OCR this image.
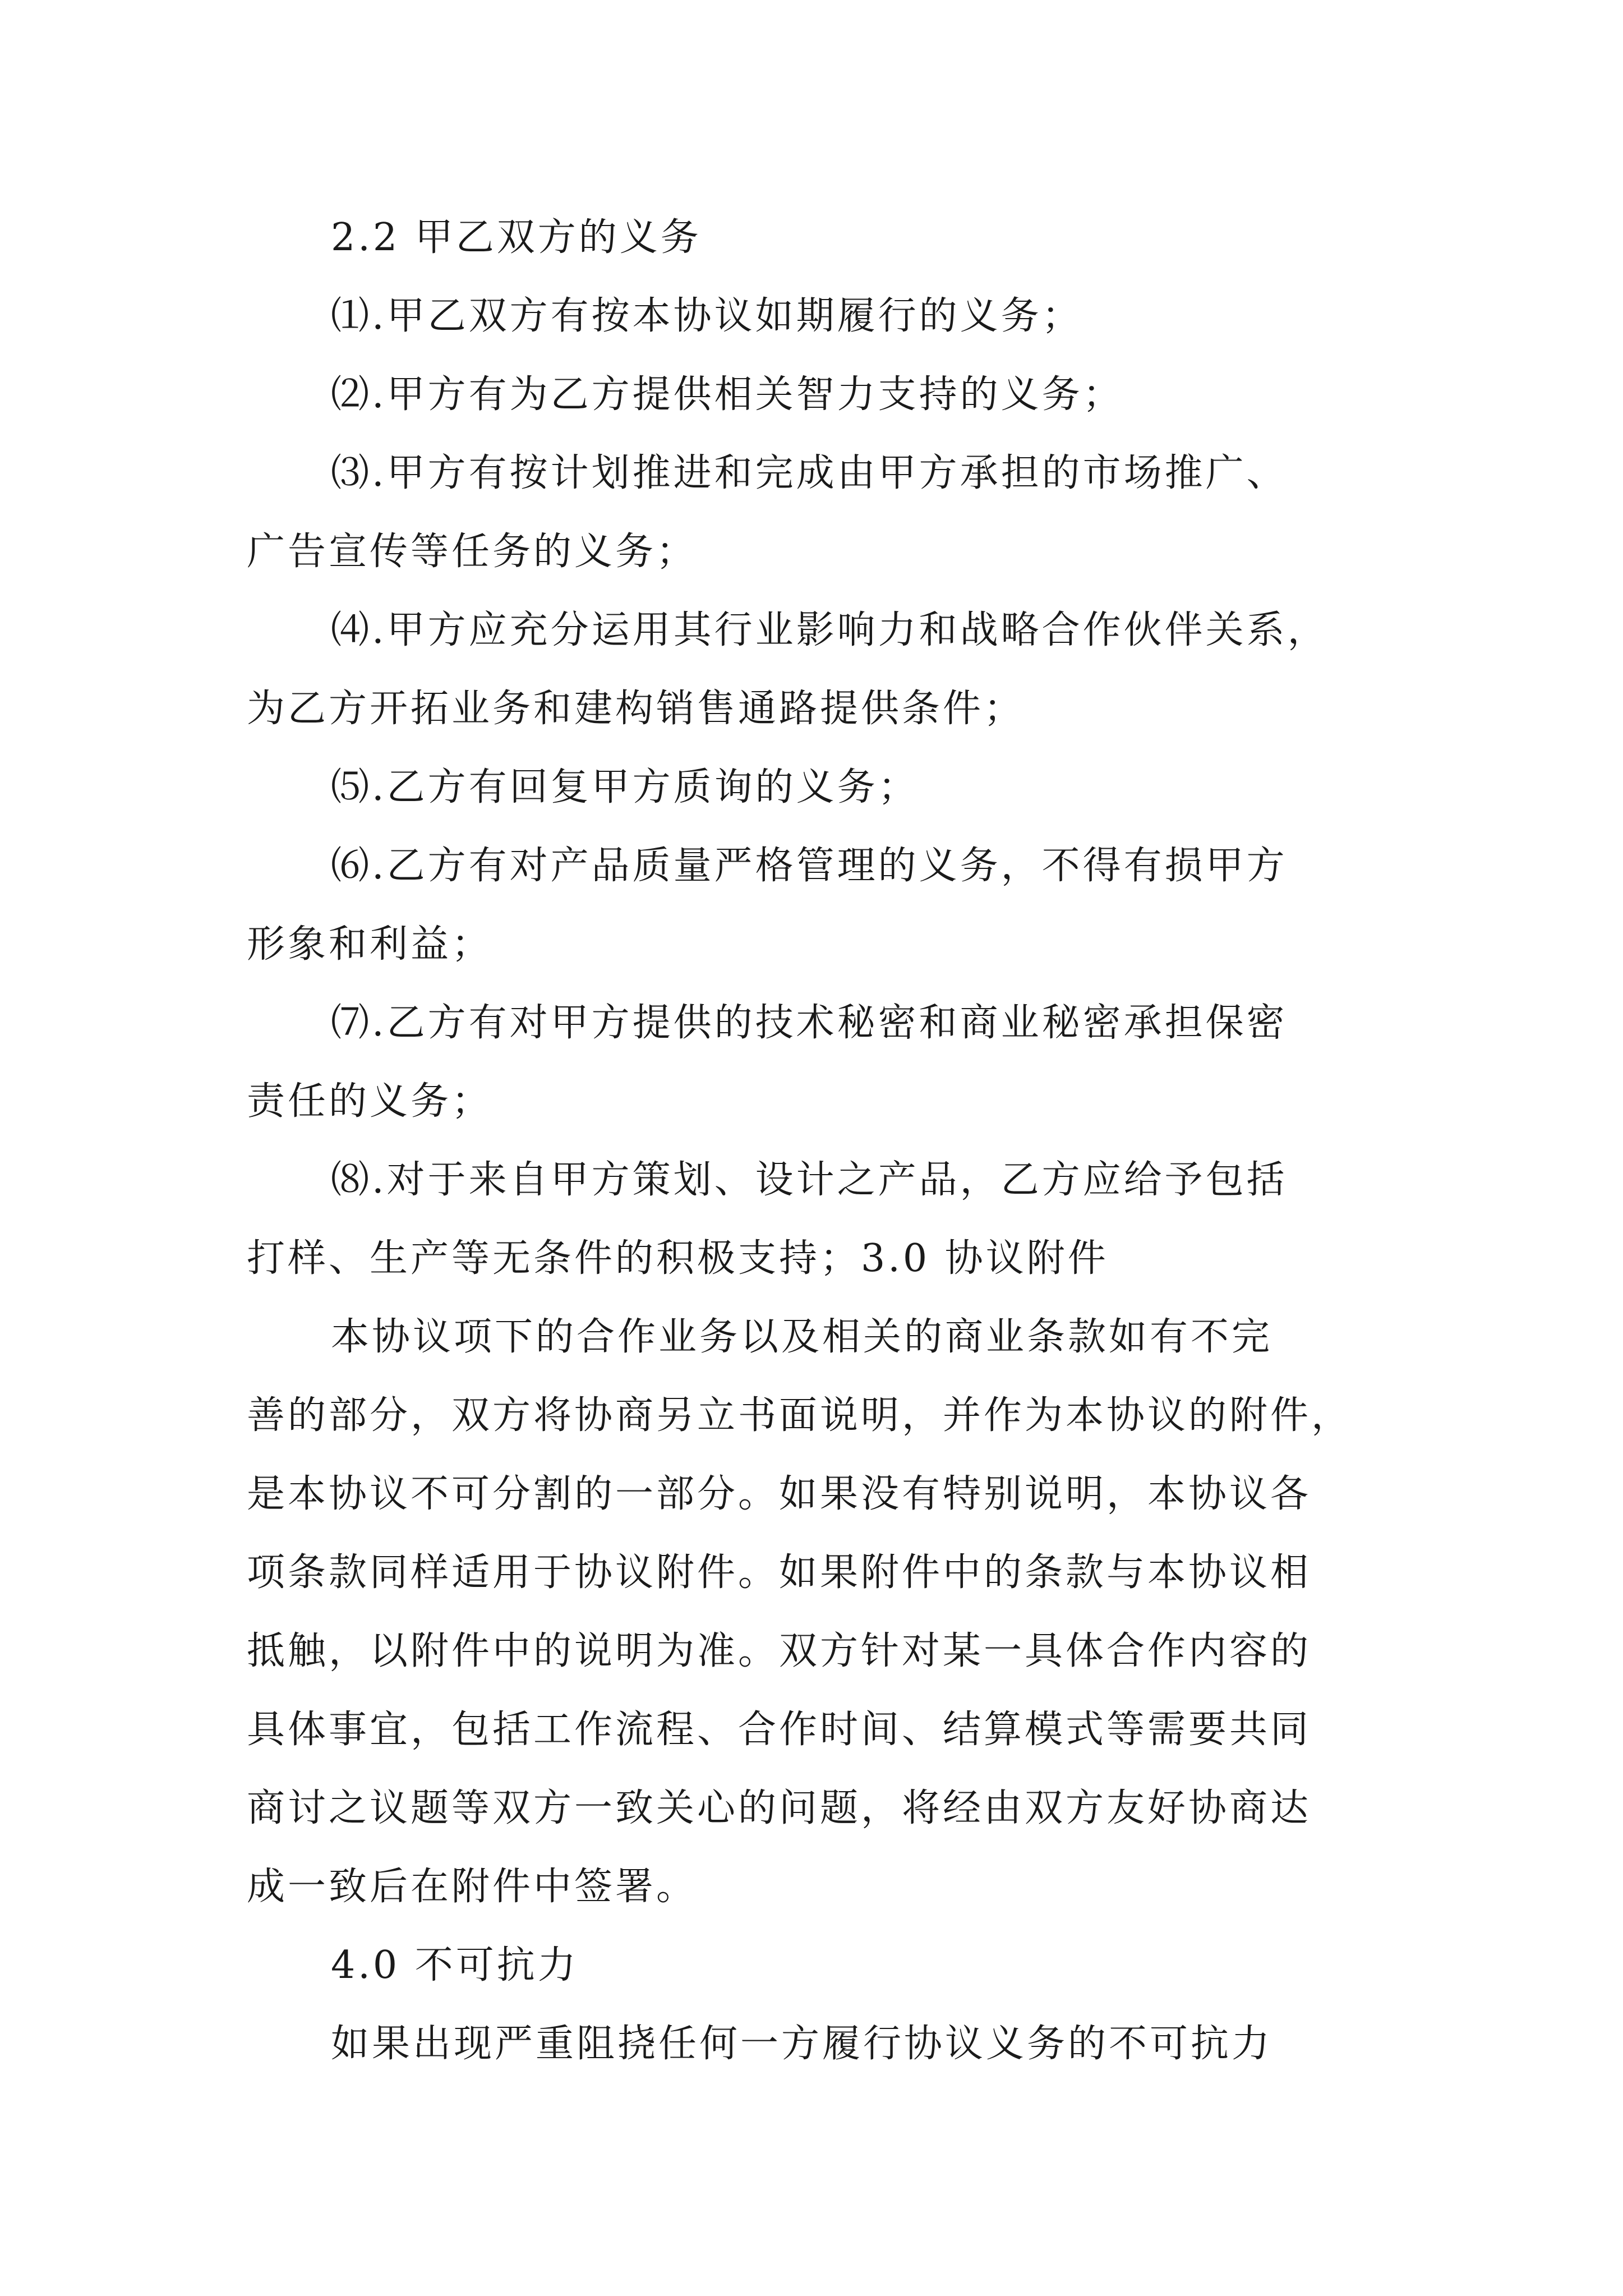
2.2 甲乙双方的义务
⑴.甲乙双方有按本协议如期履行的义务；
⑵.甲方有为乙方提供相关智力支持的义务；
⑶.甲方有按计划推进和完成由甲方承担的市场推广、
广告宣传等任务的义务；
⑷.甲方应充分运用其行业影响力和战略合作伙伴关系，
为乙方开拓业务和建构销售通路提供条件；
⑸.乙方有回复甲方质询的义务；
⑹.乙方有对产品质量严格管理的义务，不得有损甲方
形象和利益；
⑺.乙方有对甲方提供的技术秘密和商业秘密承担保密
责任的义务；
⑻.对于来自甲方策划、设计之产品，乙方应给予包括
打样、生产等无条件的积极支持；3.0 协议附件
本协议项下的合作业务以及相关的商业条款如有不完
善的部分，双方将协商另立书面说明，并作为本协议的附件，
是本协议不可分割的一部分。如果没有特别说明，本协议各
项条款同样适用于协议附件。如果附件中的条款与本协议相
抵触，以附件中的说明为准。双方针对某一具体合作内容的
具体事宜，包括工作流程、合作时间、结算模式等需要共同
商讨之议题等双方一致关心的问题，将经由双方友好协商达
成一致后在附件中签署。
4.0 不可抗力
如果出现严重阻挠任何一方履行协议义务的不可抗力
